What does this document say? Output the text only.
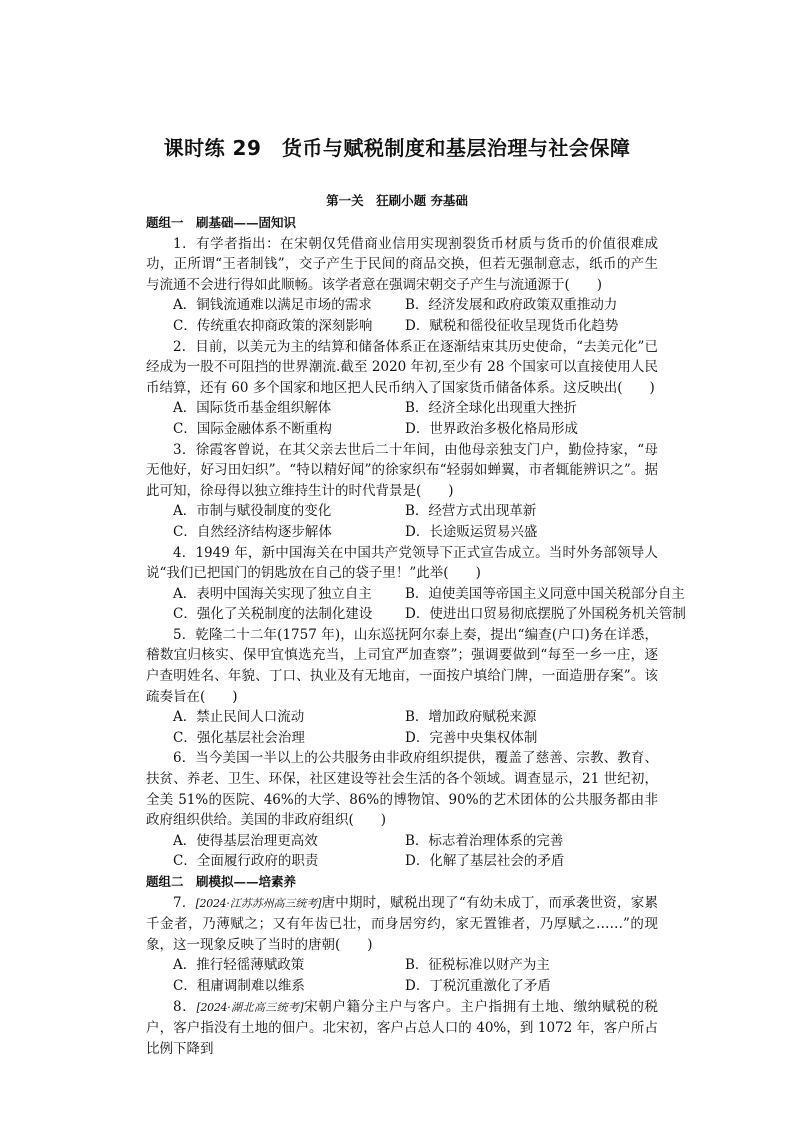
课时练 29　货币与赋税制度和基层治理与社会保障
第一关　狂刷小题 夯基础
题组一　刷基础——固知识

1．有学者指出：在宋朝仅凭借商业信用实现割裂货币材质与货币的价值很难成功，正所谓“王者制钱”，交子产生于民间的商品交换，但若无强制意志，纸币的产生与流通不会进行得如此顺畅。该学者意在强调宋朝交子产生与流通源于(　　)

A．铜钱流通难以满足市场的需求 B．经济发展和政府政策双重推动力
C．传统重农抑商政策的深刻影响 D．赋税和徭役征收呈现货币化趋势

2．目前，以美元为主的结算和储备体系正在逐渐结束其历史使命，“去美元化”已经成为一股不可阻挡的世界潮流.截至 2020 年初,至少有 28 个国家可以直接使用人民币结算，还有 60 多个国家和地区把人民币纳入了国家货币储备体系。这反映出(　　)

A．国际货币基金组织解体	B．经济全球化出现重大挫折
C．国际金融体系不断重构	D．世界政治多极化格局形成

3．徐霞客曾说，在其父亲去世后二十年间，由他母亲独支门户，勤俭持家，“母无他好，好习田妇织”。“特以精好闻”的徐家织布“轻弱如蝉翼，市者辄能辨识之”。据此可知，徐母得以独立维持生计的时代背景是(　　)

A．市制与赋役制度的变化	B．经营方式出现革新
C．自然经济结构逐步解体	D．长途贩运贸易兴盛

4．1949 年，新中国海关在中国共产党领导下正式宣告成立。当时外务部领导人说“我们已把国门的钥匙放在自己的袋子里！”此举(　　)

A．表明中国海关实现了独立自主 B．迫使美国等帝国主义同意中国关税部分自主
C．强化了关税制度的法制化建设 D．使进出口贸易彻底摆脱了外国税务机关管制

5．乾隆二十二年(1757 年)，山东巡抚阿尔泰上奏，提出“编查(户口)务在详悉，稽数宜归核实、保甲宜慎选充当，上司宜严加查察”；强调要做到“每至一乡一庄，逐户查明姓名、年貌、丁口、执业及有无地亩，一面按户填给门牌，一面造册存案”。该疏奏旨在(　　)

A．禁止民间人口流动	B．增加政府赋税来源
C．强化基层社会治理	D．完善中央集权体制

6．当今美国一半以上的公共服务由非政府组织提供，覆盖了慈善、宗教、教育、扶贫、养老、卫生、环保，社区建设等社会生活的各个领域。调查显示，21 世纪初，全美 51%的医院、46%的大学、86%的博物馆、90%的艺术团体的公共服务都由非政府组织供给。美国的非政府组织(　　)

A．使得基层治理更高效	B．标志着治理体系的完善
C．全面履行政府的职责	D．化解了基层社会的矛盾
题组二　刷模拟——培素养

7．[2024·江苏苏州高三统考]唐中期时，赋税出现了“有幼未成丁，而承袭世资，家累千金者，乃薄赋之；又有年齿已壮，而身居穷约，家无置锥者，乃厚赋之……”的现象，这一现象反映了当时的唐朝(　　)

A．推行轻徭薄赋政策	B．征税标准以财产为主
C．租庸调制难以维系	D．丁税沉重激化了矛盾

8．[2024·湖北高三统考]宋朝户籍分主户与客户。主户指拥有土地、缴纳赋税的税户，客户指没有土地的佃户。北宋初，客户占总人口的 40%，到 1072 年，客户所占比例下降到
